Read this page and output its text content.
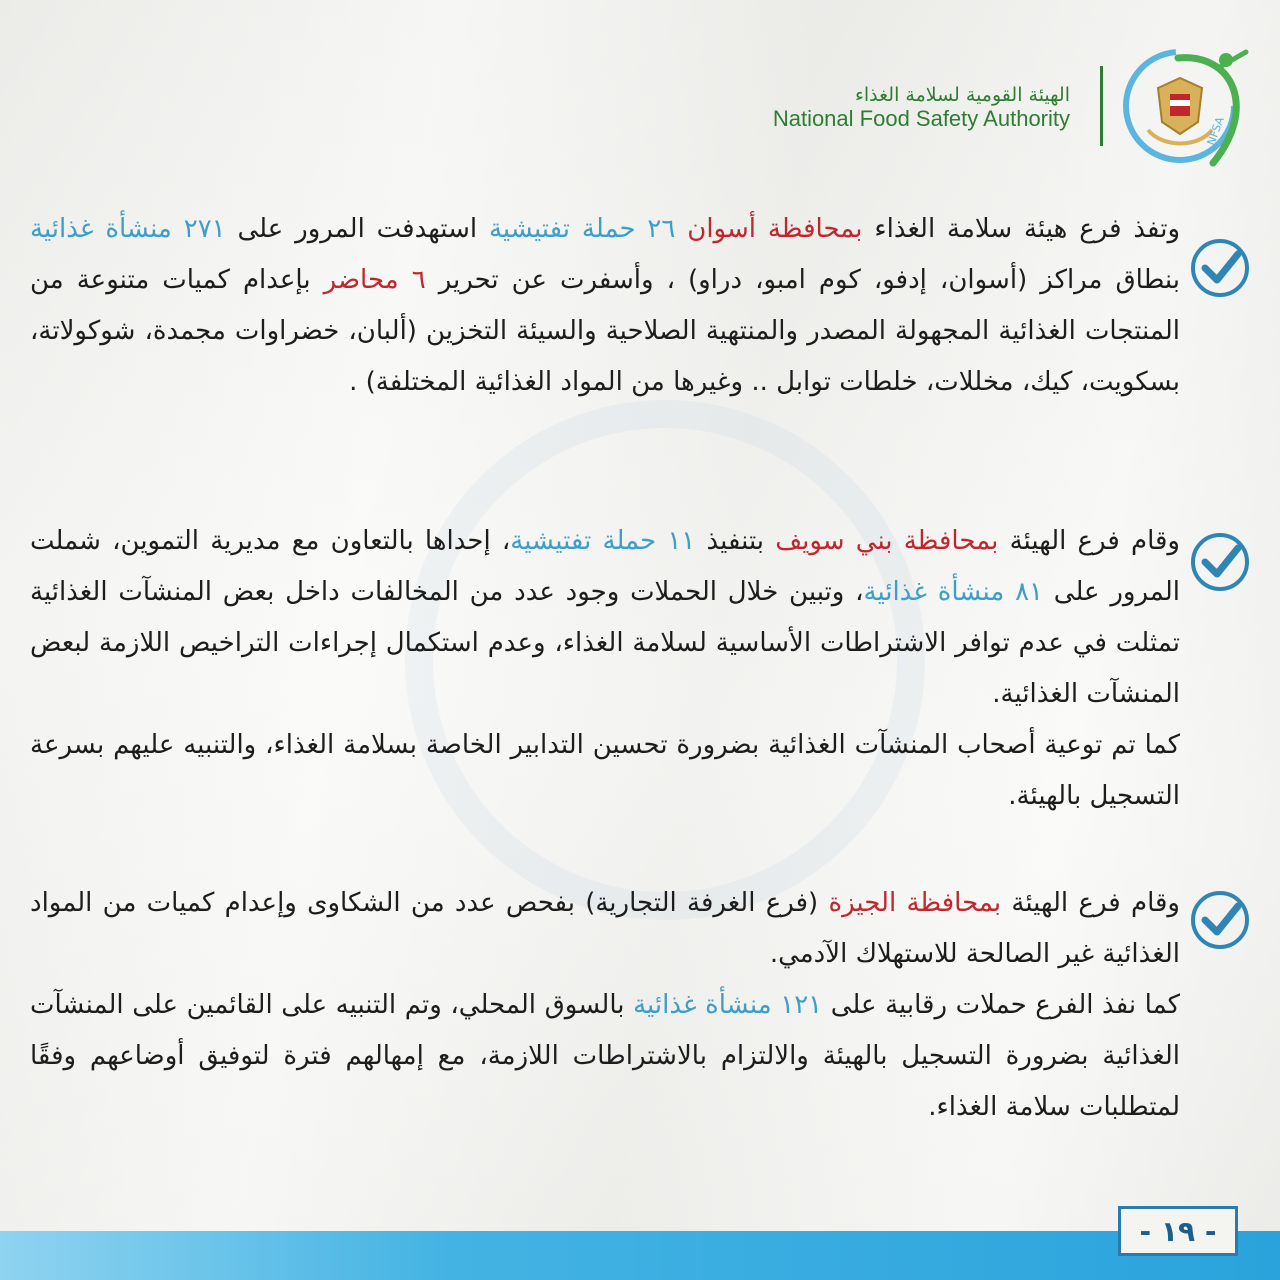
الهيئة القومية لسلامة الغذاء
National Food Safety Authority	NFSA

وتفذ فرع هيئة سلامة الغذاء بمحافظة أسوان ٢٦ حملة تفتيشية استهدفت المرور على ٢٧١ منشأة غذائية بنطاق مراكز (أسوان، إدفو، كوم امبو، دراو) ، وأسفرت عن تحرير ٦ محاضر بإعدام كميات متنوعة من المنتجات الغذائية المجهولة المصدر والمنتهية الصلاحية والسيئة التخزين (ألبان، خضراوات مجمدة، شوكولاتة، بسكويت، كيك، مخللات، خلطات توابل .. وغيرها من المواد الغذائية المختلفة) .

وقام فرع الهيئة بمحافظة بني سويف بتنفيذ ١١ حملة تفتيشية، إحداها بالتعاون مع مديرية التموين، شملت المرور على ٨١ منشأة غذائية، وتبين خلال الحملات وجود عدد من المخالفات داخل بعض المنشآت الغذائية تمثلت في عدم توافر الاشتراطات الأساسية لسلامة الغذاء، وعدم استكمال إجراءات التراخيص اللازمة لبعض المنشآت الغذائية.

كما تم توعية أصحاب المنشآت الغذائية بضرورة تحسين التدابير الخاصة بسلامة الغذاء، والتنبيه عليهم بسرعة التسجيل بالهيئة.

وقام فرع الهيئة بمحافظة الجيزة (فرع الغرفة التجارية) بفحص عدد من الشكاوى وإعدام كميات من المواد الغذائية غير الصالحة للاستهلاك الآدمي.

كما نفذ الفرع حملات رقابية على ١٢١ منشأة غذائية بالسوق المحلي، وتم التنبيه على القائمين على المنشآت الغذائية بضرورة التسجيل بالهيئة والالتزام بالاشتراطات اللازمة، مع إمهالهم فترة لتوفيق أوضاعهم وفقًا لمتطلبات سلامة الغذاء.

- ١٩ -
